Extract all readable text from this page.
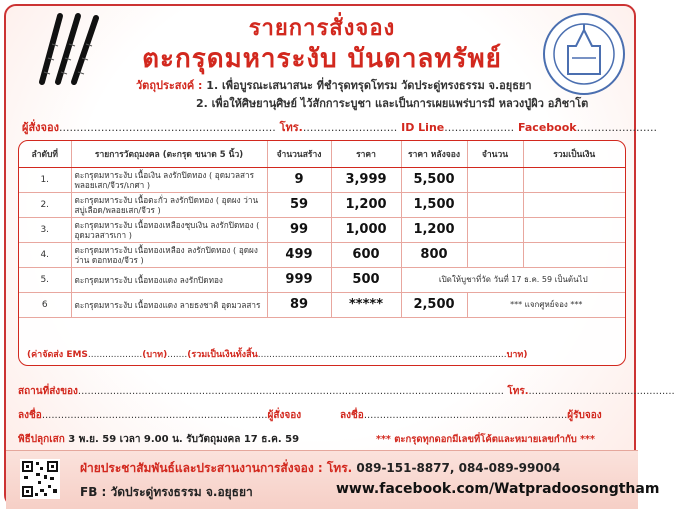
รายการสั่งจอง
ตะกรุดมหาระงับ บันดาลทรัพย์
วัตถุประสงค์ : 1. เพื่อบูรณะเสนาสนะ ที่ชำรุดทรุดโทรม วัดประดู่ทรงธรรม จ.อยุธยา
2. เพื่อให้ศิษยานุศิษย์ ไว้สักการะบูชา และเป็นการเผยแพร่บารมี หลวงปู่ผิว อภิชาโต
ผู้สั่งจอง.............................................................. โทร............................ ID Line.................... Facebook.......................
ลำดับที่	รายการวัตถุมงคล (ตะกรุด ขนาด 5 นิ้ว)	จำนวนสร้าง	ราคา	ราคา หลังจอง	จำนวน	รวมเป็นเงิน
1.	ตะกรุดมหาระงับ เนื้อเงิน ลงรักปิดทอง ( อุดมวลสาร พลอยเสก/จีวร/เกศา )	9	3,999	5,500		
2.	ตะกรุดมหาระงับ เนื้อตะกั่ว ลงรักปิดทอง ( อุดผง ว่านสบู่เลือด/พลอยเสก/จีวร )	59	1,200	1,500		
3.	ตะกรุดมหาระงับ เนื้อทองเหลืองชุบเงิน ลงรักปิดทอง ( อุดมวลสารเกา )	99	1,000	1,200		
4.	ตะกรุดมหาระงับ เนื้อทองเหลือง ลงรักปิดทอง ( อุดผงว่าน ดอกทอง/จีวร )	499	600	800		
5.	ตะกรุดมหาระงับ เนื้อทองแดง ลงรักปิดทอง	999	500	เปิดให้บูชาที่วัด วันที่ 17 ธ.ค. 59 เป็นต้นไป		
6	ตะกรุดมหาระงับ เนื้อทองแดง ลายธงชาติ อุดมวลสาร	89	*****	2,500	*** แจกศูหย์จอง ***	
(ค่าจัดส่ง EMS...................(บาท).......(รวมเป็นเงินทั้งสิ้น.......................................................................................บาท)
สถานที่ส่งของ...................................................................................................................................... โทร...............................................
ลงชื่อ.......................................................................ผู้สั่งจอง	ลงชื่อ................................................................ผู้รับจอง
พิธีปลุกเสก 3 พ.ย. 59 เวลา 9.00 น. รับวัตถุมงคล 17 ธ.ค. 59	*** ตะกรุดทุกดอกมีเลขที่โค้ตและหมายเลขกำกับ ***
ฝ่ายประชาสัมพันธ์และประสานงานการสั่งจอง : โทร. 089-151-8877, 084-089-99004
FB : วัดประดู่ทรงธรรม จ.อยุธยา	www.facebook.com/Watpradoosongtham
